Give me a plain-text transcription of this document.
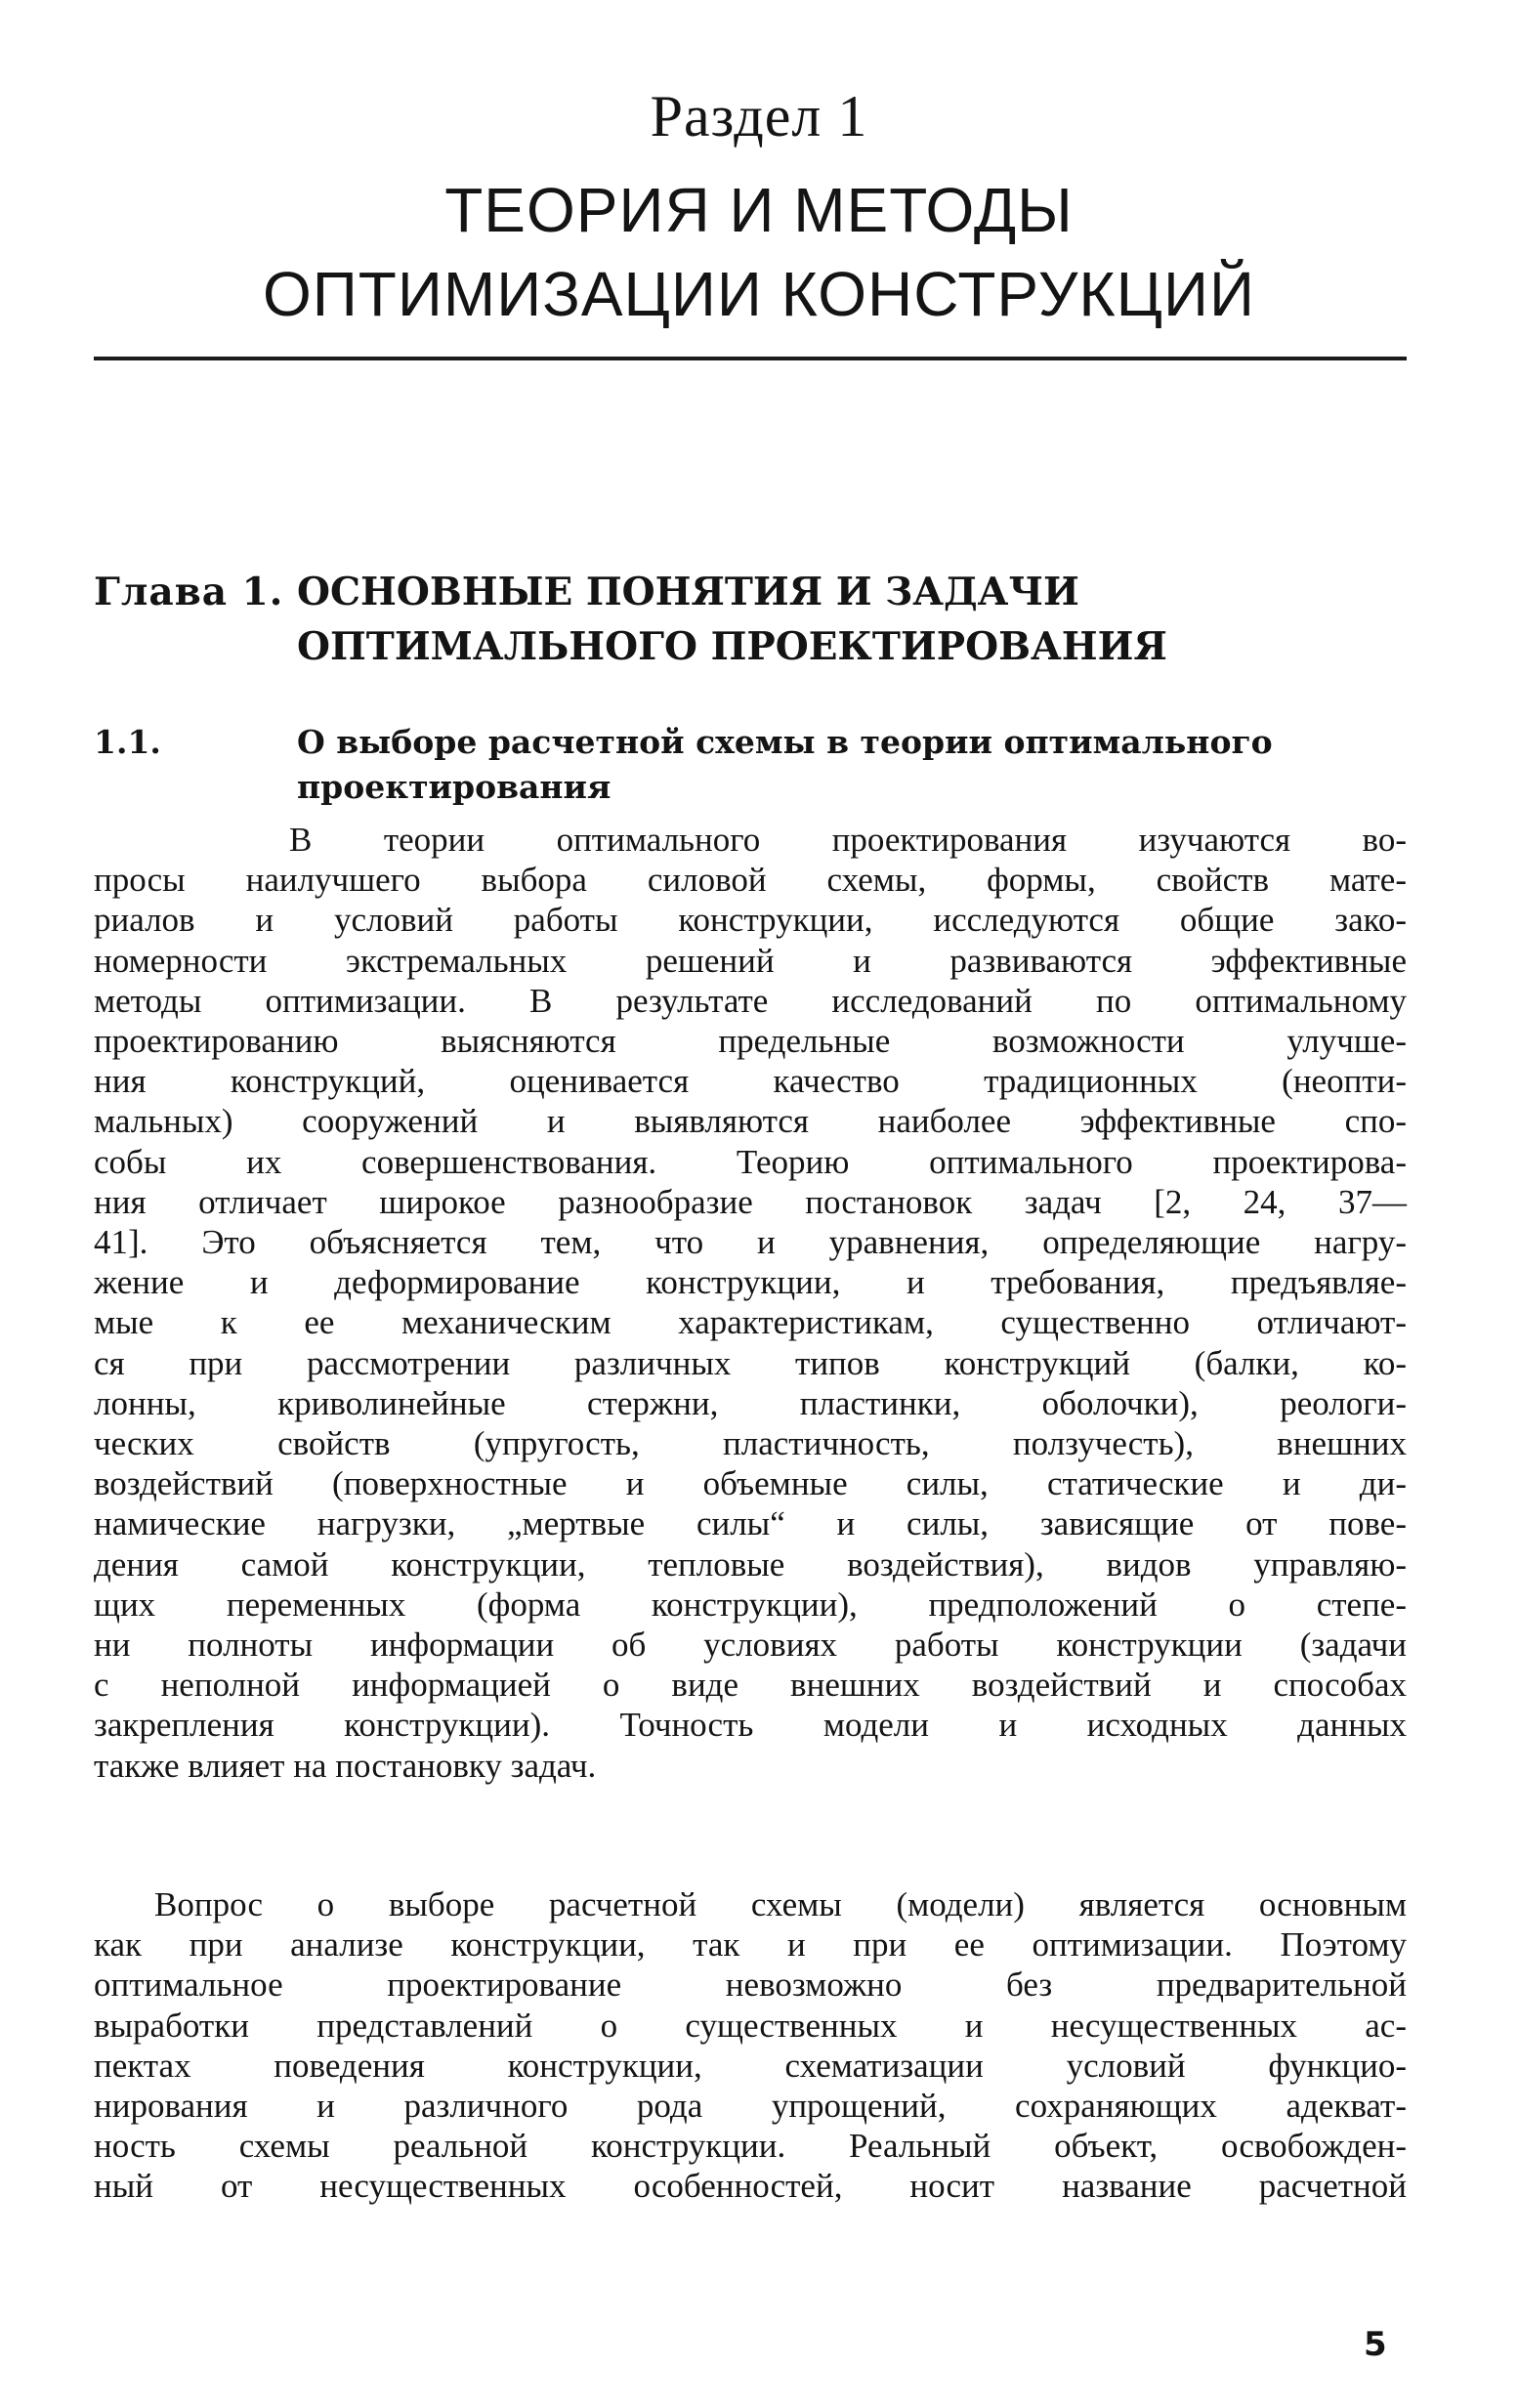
Раздел 1
ТЕОРИЯ И МЕТОДЫ
ОПТИМИЗАЦИИ КОНСТРУКЦИЙ
Глава 1. ОСНОВНЫЕ ПОНЯТИЯ И ЗАДАЧИ ОПТИМАЛЬНОГО ПРОЕКТИРОВАНИЯ
1.1.	О выборе расчетной схемы в теории оптимального проектирования
В теории оптимального проектирования изучаются во-
просы наилучшего выбора силовой схемы, формы, свойств мате-
риалов и условий работы конструкции, исследуются общие зако-
номерности экстремальных решений и развиваются эффективные
методы оптимизации. В результате исследований по оптимальному
проектированию выясняются предельные возможности улучше-
ния конструкций, оценивается качество традиционных (неопти-
мальных) сооружений и выявляются наиболее эффективные спо-
собы их совершенствования. Теорию оптимального проектирова-
ния отличает широкое разнообразие постановок задач [2, 24, 37—
41]. Это объясняется тем, что и уравнения, определяющие нагру-
жение и деформирование конструкции, и требования, предъявляе-
мые к ее механическим характеристикам, существенно отличают-
ся при рассмотрении различных типов конструкций (балки, ко-
лонны, криволинейные стержни, пластинки, оболочки), реологи-
ческих свойств (упругость, пластичность, ползучесть), внешних
воздействий (поверхностные и объемные силы, статические и ди-
намические нагрузки, „мертвые силы“ и силы, зависящие от пове-
дения самой конструкции, тепловые воздействия), видов управляю-
щих переменных (форма конструкции), предположений о степе-
ни полноты информации об условиях работы конструкции (задачи
с неполной информацией о виде внешних воздействий и способах
закрепления конструкции). Точность модели и исходных данных
также влияет на постановку задач.
Вопрос о выборе расчетной схемы (модели) является основным
как при анализе конструкции, так и при ее оптимизации. Поэтому
оптимальное проектирование невозможно без предварительной
выработки представлений о существенных и несущественных ас-
пектах поведения конструкции, схематизации условий функцио-
нирования и различного рода упрощений, сохраняющих адекват-
ность схемы реальной конструкции. Реальный объект, освобожден-
ный от несущественных особенностей, носит название расчетной
5
